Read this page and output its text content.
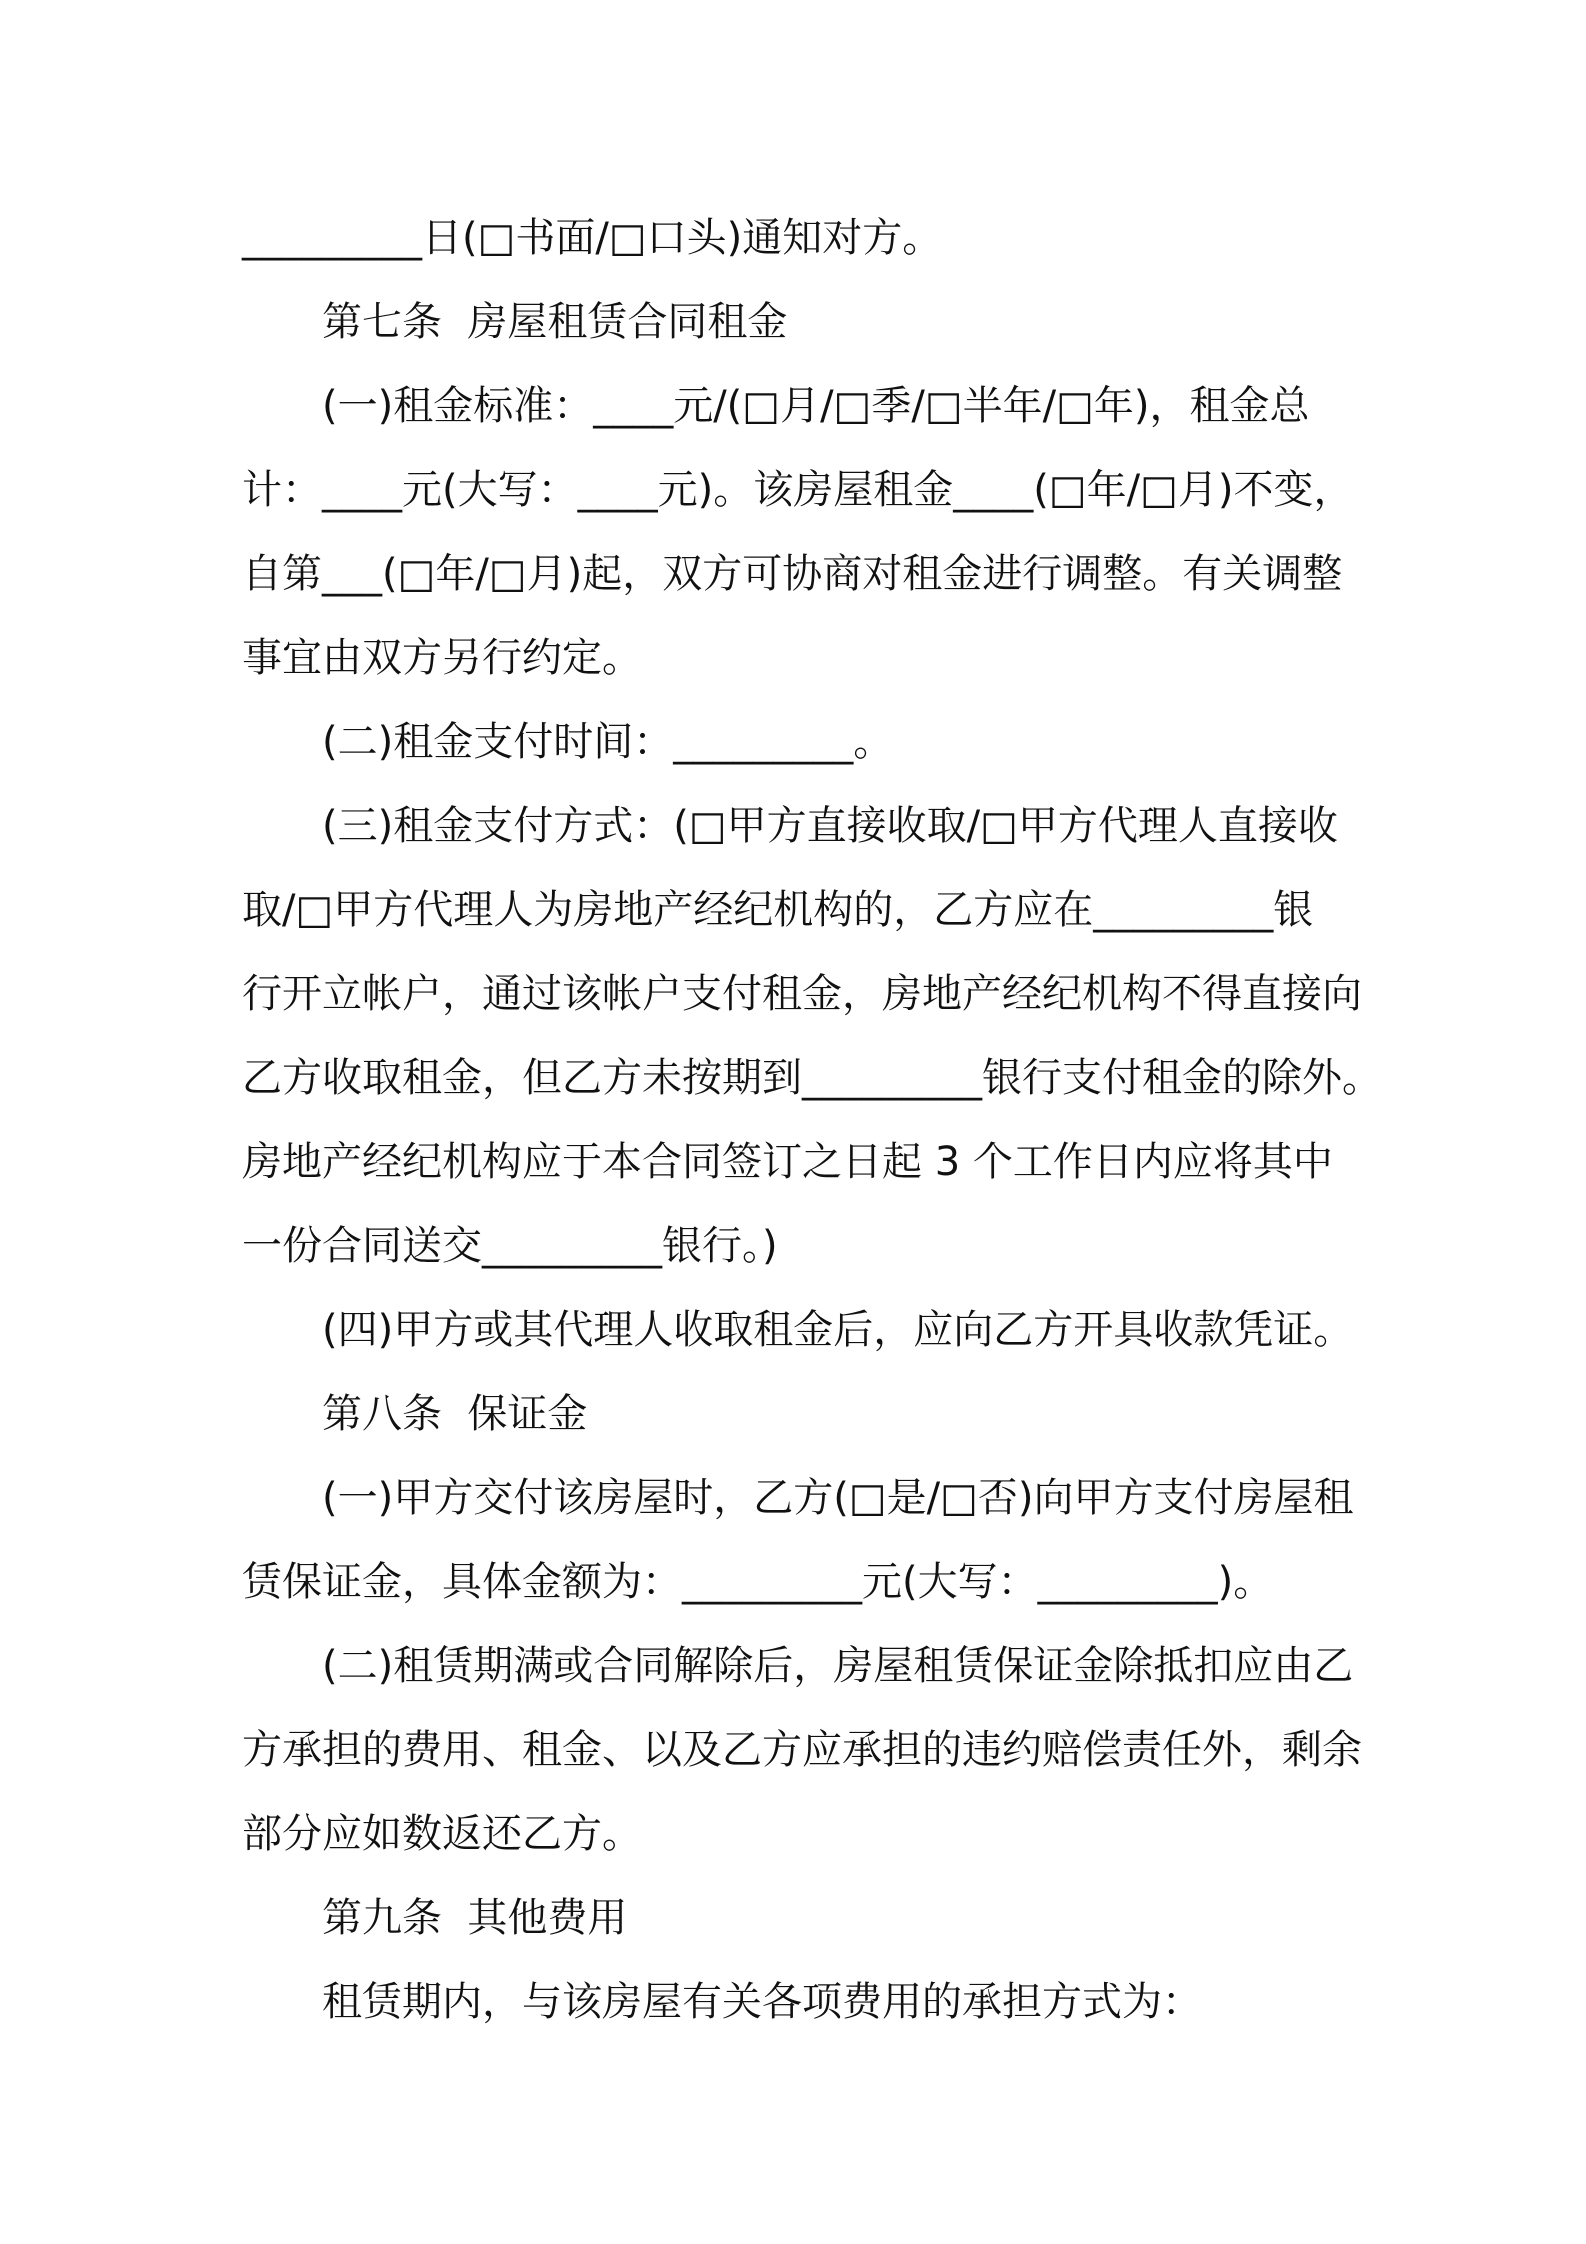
_________日(□书面/□口头)通知对方。
第七条  房屋租赁合同租金
(一)租金标准：____元/(□月/□季/□半年/□年)，租金总
计：____元(大写：____元)。该房屋租金____(□年/□月)不变，
自第___(□年/□月)起，双方可协商对租金进行调整。有关调整
事宜由双方另行约定。
(二)租金支付时间：_________。
(三)租金支付方式：(□甲方直接收取/□甲方代理人直接收
取/□甲方代理人为房地产经纪机构的，乙方应在_________银
行开立帐户，通过该帐户支付租金，房地产经纪机构不得直接向
乙方收取租金，但乙方未按期到_________银行支付租金的除外。
房地产经纪机构应于本合同签订之日起 3 个工作日内应将其中
一份合同送交_________银行。)
(四)甲方或其代理人收取租金后，应向乙方开具收款凭证。
第八条  保证金
(一)甲方交付该房屋时，乙方(□是/□否)向甲方支付房屋租
赁保证金，具体金额为：_________元(大写：_________)。
(二)租赁期满或合同解除后，房屋租赁保证金除抵扣应由乙
方承担的费用、租金、以及乙方应承担的违约赔偿责任外，剩余
部分应如数返还乙方。
第九条  其他费用
租赁期内，与该房屋有关各项费用的承担方式为：
